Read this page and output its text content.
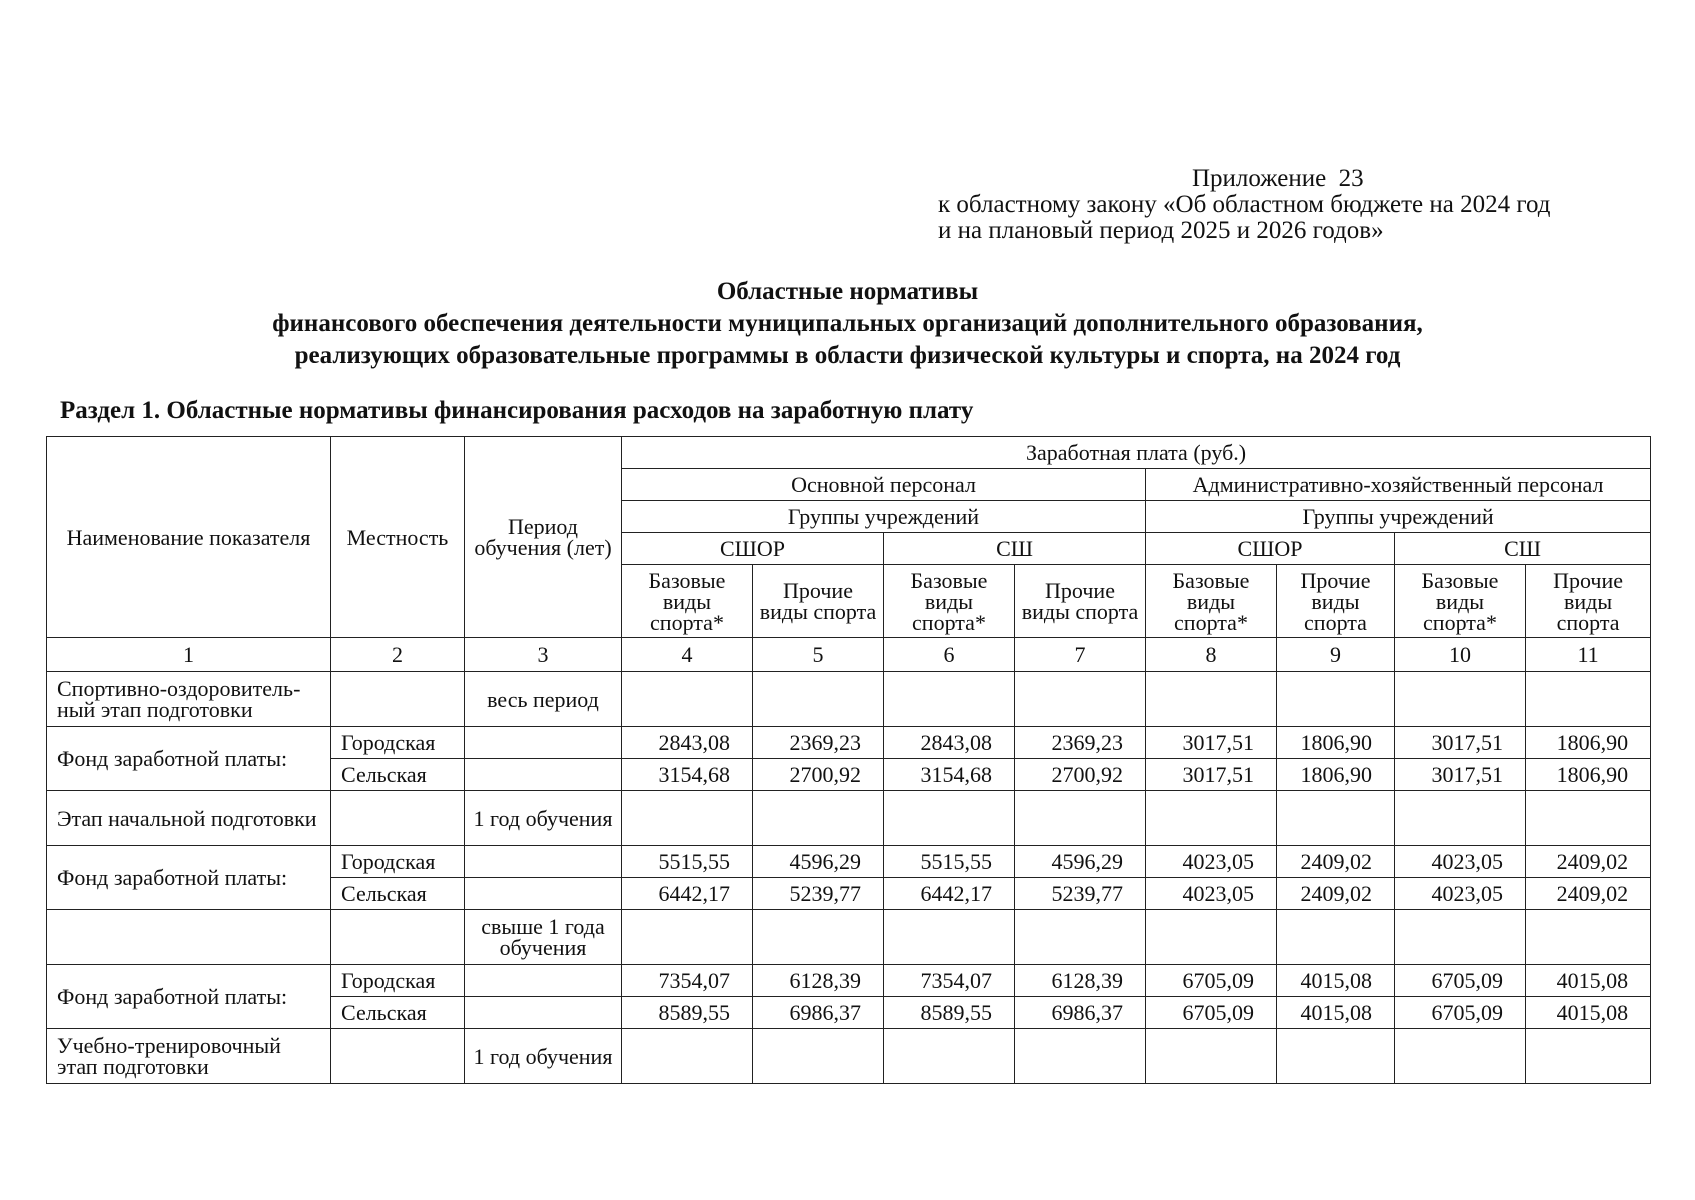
Приложение  23
к областному закону «Об областном бюджете на 2024 год
и на плановый период 2025 и 2026 годов»
Областные нормативы
финансового обеспечения деятельности муниципальных организаций дополнительного образования,
реализующих образовательные программы в области физической культуры и спорта, на 2024 год
Раздел 1. Областные нормативы финансирования расходов на заработную плату
Наименование показателя	Местность	Период обучения (лет)	Заработная плата (руб.)							
			Основной персонал				Административно-хозяйственный персонал			
			Группы учреждений				Группы учреждений			
			СШОР		СШ		СШОР		СШ	
			Базовые виды спорта*	Прочие виды спорта	Базовые виды спорта*	Прочие виды спорта	Базовые виды спорта*	Прочие виды спорта	Базовые виды спорта*	Прочие виды спорта
1	2	3	4	5	6	7	8	9	10	11
Спортивно-оздоровитель-ный этап подготовки		весь период								
Фонд заработной платы:	Городская		2843,08	2369,23	2843,08	2369,23	3017,51	1806,90	3017,51	1806,90
	Сельская		3154,68	2700,92	3154,68	2700,92	3017,51	1806,90	3017,51	1806,90
Этап начальной подготовки		1 год обучения								
Фонд заработной платы:	Городская		5515,55	4596,29	5515,55	4596,29	4023,05	2409,02	4023,05	2409,02
	Сельская		6442,17	5239,77	6442,17	5239,77	4023,05	2409,02	4023,05	2409,02
		свыше 1 года обучения								
Фонд заработной платы:	Городская		7354,07	6128,39	7354,07	6128,39	6705,09	4015,08	6705,09	4015,08
	Сельская		8589,55	6986,37	8589,55	6986,37	6705,09	4015,08	6705,09	4015,08
Учебно-тренировочный этап подготовки		1 год обучения								
